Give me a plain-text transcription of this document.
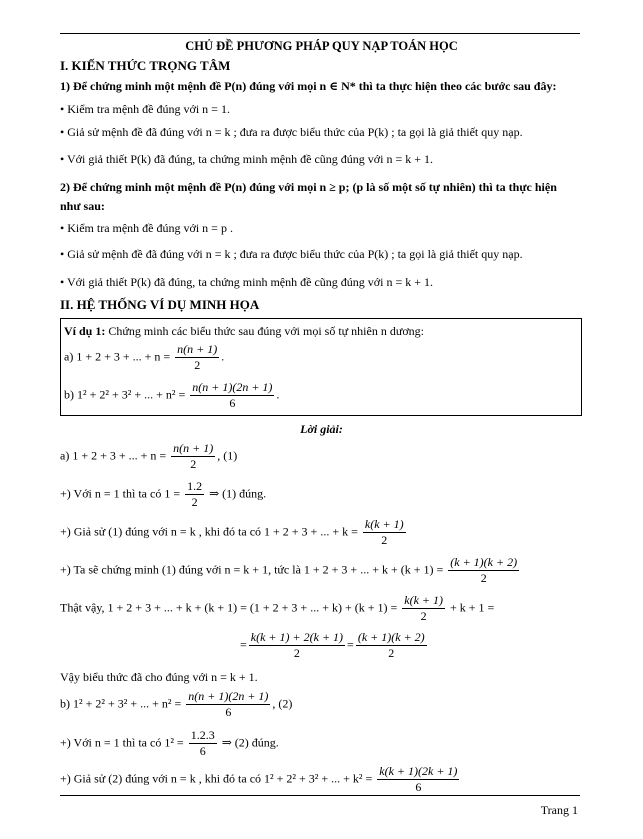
CHỦ ĐỀ PHƯƠNG PHÁP QUY NẠP TOÁN HỌC
I. KIẾN THỨC TRỌNG TÂM
1) Để chứng minh một mệnh đề P(n) đúng với mọi n ∈ N* thì ta thực hiện theo các bước sau đây:
• Kiểm tra mệnh đề đúng với n = 1.
• Giả sử mệnh đề đã đúng với n = k ; đưa ra được biểu thức của P(k) ; ta gọi là giả thiết quy nạp.
• Với giả thiết P(k) đã đúng, ta chứng minh mệnh đề cũng đúng với n = k + 1.
2) Để chứng minh một mệnh đề P(n) đúng với mọi n ≥ p; (p là số một số tự nhiên) thì ta thực hiện
như sau:
• Kiểm tra mệnh đề đúng với n = p .
• Giả sử mệnh đề đã đúng với n = k ; đưa ra được biểu thức của P(k) ; ta gọi là giả thiết quy nạp.
• Với giả thiết P(k) đã đúng, ta chứng minh mệnh đề cũng đúng với n = k + 1.
II. HỆ THỐNG VÍ DỤ MINH HỌA
Ví dụ 1: Chứng minh các biểu thức sau đúng với mọi số tự nhiên n dương:
a) 1 + 2 + 3 + ... + $n = \frac{n(n + 1)}{2}$ .
b) 1² + 2² + 3² + ... + $n^2 = \frac{n(n + 1)(2n + 1)}{6}$ .
Lời giải:
a) 1 + 2 + 3 + ... + $n = \frac{n(n + 1)}{2}$ , (1)
+) Với n = 1 thì ta có $1 = \frac{1.2}{2}$ ⇒ (1) đúng.
+) Giả sử (1) đúng với n = k , khi đó ta có 1 + 2 + 3 + ... + $k = \frac{k(k + 1)}{2}$
+) Ta sẽ chứng minh (1) đúng với n = k + 1, tức là 1 + 2 + 3 + ... + $k + (k + 1) = \frac{(k + 1)(k + 2)}{2}$
Thật vậy, 1 + 2 + 3 + ... + k + (k + 1) = (1 + 2 + 3 + ... + $k) + (k + 1) = \frac{k(k + 1)}{2} + k + 1$ =
= $\frac{k(k + 1) + 2(k + 1)}{2} = \frac{(k + 1)(k + 2)}{2}$
Vậy biểu thức đã cho đúng với n = k + 1.
b) 1² + 2² + 3² + ... + $n^2 = \frac{n(n + 1)(2n + 1)}{6}$ , (2)
+) Với n = 1 thì ta có $1^2 = \frac{1.2.3}{6}$ ⇒ (2) đúng.
+) Giả sử (2) đúng với n = k , khi đó ta có 1² + 2² + 3² + ... + $k^2 = \frac{k(k + 1)(2k + 1)}{6}$
Trang 1
